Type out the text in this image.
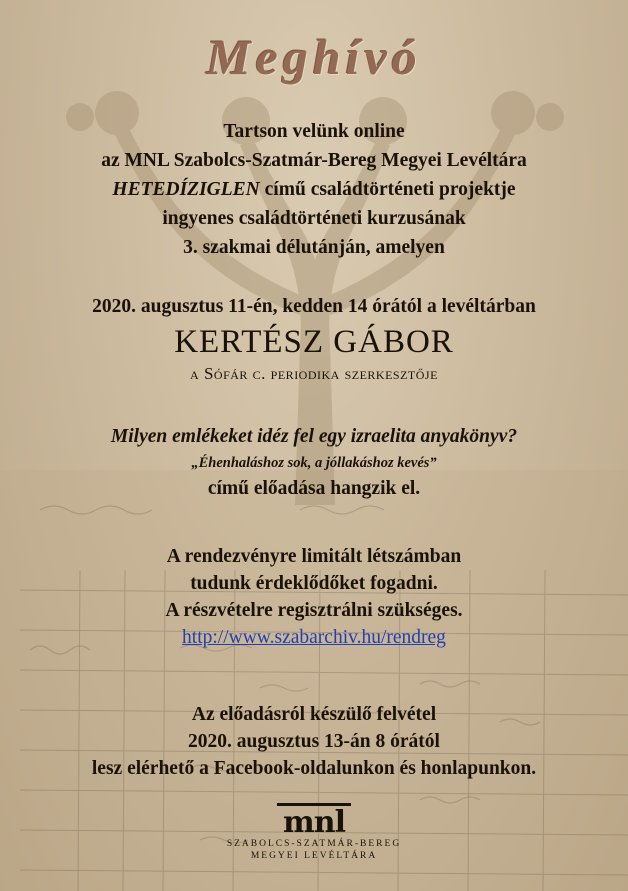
Meghívó
Tartson velünk online
az MNL Szabolcs-Szatmár-Bereg Megyei Levéltára
HETEDÍZIGLEN című családtörténeti projektje
ingyenes családtörténeti kurzusának
3. szakmai délutánján, amelyen
2020. augusztus 11-én, kedden 14 órától a levéltárban
KERTÉSZ GÁBOR
a Sófár c. periodika szerkesztője
Milyen emlékeket idéz fel egy izraelita anyakönyv?
„Éhenhaláshoz sok, a jóllakáshoz kevés”
című előadása hangzik el.
A rendezvényre limitált létszámban
tudunk érdeklődőket fogadni.
A részvételre regisztrálni szükséges.
http://www.szabarchiv.hu/rendreg
Az előadásról készülő felvétel
2020. augusztus 13-án 8 órától
lesz elérhető a Facebook-oldalunkon és honlapunkon.
mnl
SZABOLCS-SZATMÁR-BEREG
MEGYEI LEVÉLTÁRA
